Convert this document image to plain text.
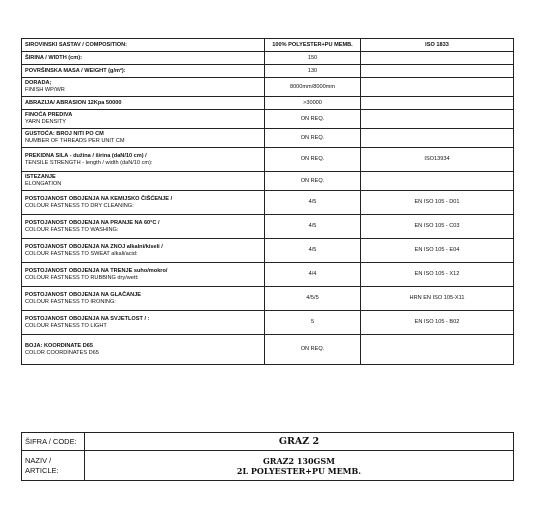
SIROVINSKI SASTAV / COMPOSITION:	100% POLYESTER+PU MEMB.	ISO 1833

ŠIRINA / WIDTH (cm):	150	

POVRŠINSKA MASA / WEIGHT (g/m²):	130	

DORADA;
FINISH WP/WR	8000mm/8000mm	

ABRAZIJA/ ABRASION 12Kpa 50000	>30000	

FINOĆA PREDIVA
YARN DENSITY	ON REQ.	

GUSTOĆA: BROJ NITI PO CM
NUMBER OF THREADS PER UNIT CM	ON REQ.	

PREKIDNA SILA - dužina / širina (daN/10 cm) /
TENSILE STRENGTH - length / width (daN/10 cm):	ON REQ.	ISO13934

ISTEZANJE
ELONGATION	ON REQ.	

POSTOJANOST OBOJENJA NA KEMIJSKO ČIŠĆENJE /
COLOUR FASTNESS TO DRY CLEANING:	4/5	EN ISO 105 - D01

POSTOJANOST OBOJENJA NA PRANJE NA 60°C /
COLOUR FASTNESS TO WASHING:	4/5	EN ISO 105 - C03

POSTOJANOST OBOJENJA NA ZNOJ alkalni/kiseli /
COLOUR FASTNESS TO SWEAT alkali/acid:	4/5	EN ISO 105 - E04

POSTOJANOST OBOJENJA NA TRENJE suho/mokro/
COLOUR FASTNESS TO RUBBING dry/wett:	4/4	EN ISO 105 - X12

POSTOJANOST OBOJENJA NA GLAČANJE
COLOUR FASTNESS TO IRONING:	4/5/5	HRN EN ISO 105-X11

POSTOJANOST OBOJENJA NA SVJETLOST / :
COLOUR FASTNESS TO LIGHT	5	EN ISO 105 - B02

BOJA: KOORDINATE D65
COLOR COORDINATES D65	ON REQ.	
ŠIFRA / CODE:	GRAZ 2

NAZIV /
ARTICLE:	GRAZ2 130GSM
2L POLYESTER+PU MEMB.
